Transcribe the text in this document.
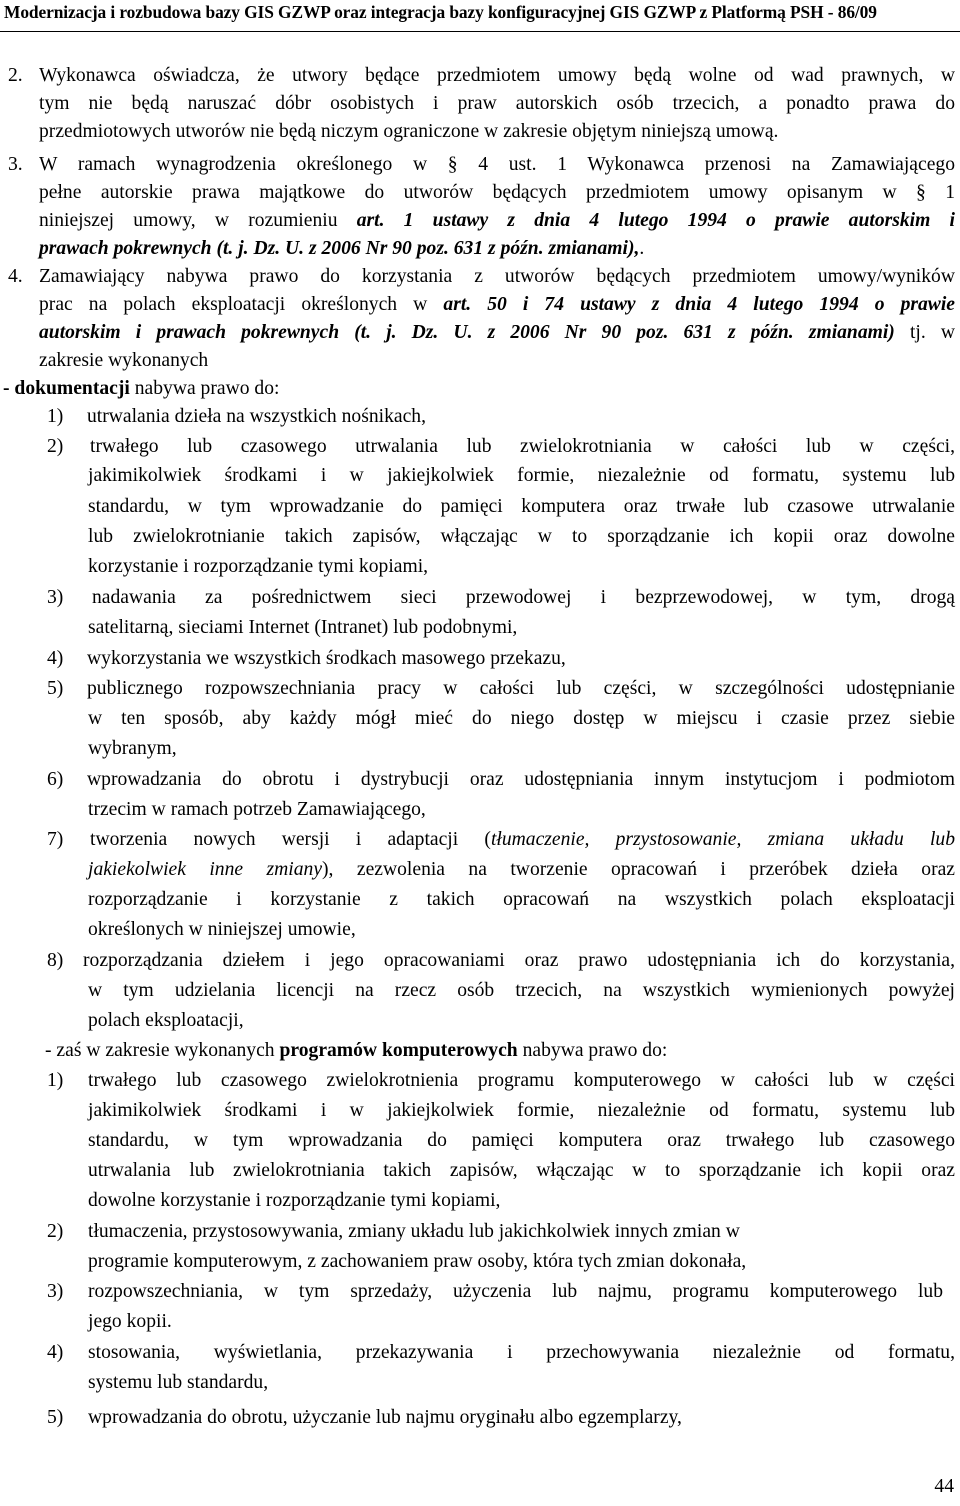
Modernizacja i rozbudowa bazy GIS GZWP oraz integracja bazy konfiguracyjnej GIS GZWP z Platformą PSH - 86/09
2. Wykonawca oświadcza, że utwory będące przedmiotem umowy będą wolne od wad prawnych, w
tym nie będą naruszać dóbr osobistych i praw autorskich osób trzecich, a ponadto prawa do
przedmiotowych utworów nie będą niczym ograniczone w zakresie objętym niniejszą umową.
3. W ramach wynagrodzenia określonego w § 4 ust. 1 Wykonawca przenosi na Zamawiającego
pełne autorskie prawa majątkowe do utworów będących przedmiotem umowy opisanym w § 1
niniejszej umowy, w rozumieniu art. 1 ustawy z dnia 4 lutego 1994 o prawie autorskim i
prawach pokrewnych (t. j. Dz. U. z 2006 Nr 90 poz. 631 z późn. zmianami),.
4. Zamawiający nabywa prawo do korzystania z utworów będących przedmiotem umowy/wyników
prac na polach eksploatacji określonych w art. 50 i 74 ustawy z dnia 4 lutego 1994 o prawie
autorskim i prawach pokrewnych (t. j. Dz. U. z 2006 Nr 90 poz. 631 z późn. zmianami) tj. w
zakresie wykonanych
- dokumentacji nabywa prawo do:
1) utrwalania dzieła na wszystkich nośnikach,
2) trwałego lub czasowego utrwalania lub zwielokrotniania w całości lub w części,
jakimikolwiek środkami i w jakiejkolwiek formie, niezależnie od formatu, systemu lub
standardu, w tym wprowadzanie do pamięci komputera oraz trwałe lub czasowe utrwalanie
lub zwielokrotnianie takich zapisów, włączając w to sporządzanie ich kopii oraz dowolne
korzystanie i rozporządzanie tymi kopiami,
3) nadawania za pośrednictwem sieci przewodowej i bezprzewodowej, w tym, drogą
satelitarną, sieciami Internet (Intranet) lub podobnymi,
4) wykorzystania we wszystkich środkach masowego przekazu,
5) publicznego rozpowszechniania pracy w całości lub części, w szczególności udostępnianie
w ten sposób, aby każdy mógł mieć do niego dostęp w miejscu i czasie przez siebie
wybranym,
6) wprowadzania do obrotu i dystrybucji oraz udostępniania innym instytucjom i podmiotom
trzecim w ramach potrzeb Zamawiającego,
7) tworzenia nowych wersji i adaptacji (tłumaczenie, przystosowanie, zmiana układu lub
jakiekolwiek inne zmiany), zezwolenia na tworzenie opracowań i przeróbek dzieła oraz
rozporządzanie i korzystanie z takich opracowań na wszystkich polach eksploatacji
określonych w niniejszej umowie,
8) rozporządzania dziełem i jego opracowaniami oraz prawo udostępniania ich do korzystania,
w tym udzielania licencji na rzecz osób trzecich, na wszystkich wymienionych powyżej
polach eksploatacji,
- zaś w zakresie wykonanych programów komputerowych nabywa prawo do:
1) trwałego lub czasowego zwielokrotnienia programu komputerowego w całości lub w części
jakimikolwiek środkami i w jakiejkolwiek formie, niezależnie od formatu, systemu lub
standardu, w tym wprowadzania do pamięci komputera oraz trwałego lub czasowego
utrwalania lub zwielokrotniania takich zapisów, włączając w to sporządzanie ich kopii oraz
dowolne korzystanie i rozporządzanie tymi kopiami,
2) tłumaczenia, przystosowywania, zmiany układu lub jakichkolwiek innych zmian w
programie komputerowym, z zachowaniem praw osoby, która tych zmian dokonała,
3) rozpowszechniania, w tym sprzedaży, użyczenia lub najmu, programu komputerowego lub
jego kopii.
4) stosowania, wyświetlania, przekazywania i przechowywania niezależnie od formatu,
systemu lub standardu,
5) wprowadzania do obrotu, użyczanie lub najmu oryginału albo egzemplarzy,
44
